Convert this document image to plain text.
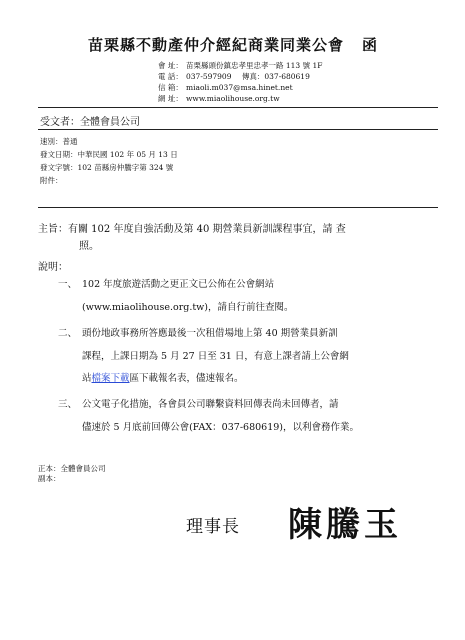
苗栗縣不動產仲介經紀商業同業公會 函
會 址： 苗栗縣頭份鎮忠孝里忠孝一路 113 號 1F
電 話： 037-597909 傳真：037-680619
信 箱： miaoli.m037@msa.hinet.net
網 址： www.miaolihouse.org.tw
受文者：全體會員公司
速別：普通
發文日期：中華民國 102 年 05 月 13 日
發文字號：102 苗縣房仲騰字第 324 號
附件：
主旨：有關 102 年度自強活動及第 40 期營業員新訓課程事宜，請 查
照。
說明：
一、 102 年度旅遊活動之更正文已公佈在公會網站
(www.miaolihouse.org.tw)，請自行前往查閱。
二、 頭份地政事務所答應最後一次租借場地上第 40 期營業員新訓
課程，上課日期為 5 月 27 日至 31 日，有意上課者請上公會網
站檔案下載區下載報名表，儘速報名。
三、 公文電子化措施，各會員公司聯繫資料回傳表尚未回傳者，請
儘速於 5 月底前回傳公會(FAX：037-680619)，以利會務作業。
正本：全體會員公司
副本：
理事長 陳騰玉
